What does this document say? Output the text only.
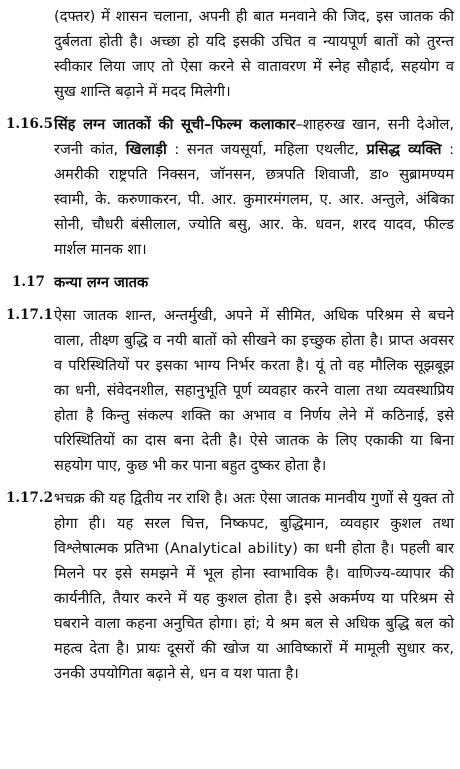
(दफ्तर) में शासन चलाना, अपनी ही बात मनवाने की जिद, इस जातक की दुर्बलता होती है। अच्छा हो यदि इसकी उचित व न्यायपूर्ण बातों को तुरन्त स्वीकार लिया जाए तो ऐसा करने से वातावरण में स्नेह सौहार्द, सहयोग व सुख शान्ति बढ़ाने में मदद मिलेगी।

1.16.5 सिंह लग्न जातकों की सूची–फिल्म कलाकार–शाहरुख खान, सनी देओल, रजनी कांत, खिलाड़ी : सनत जयसूर्या, महिला एथलीट, प्रसिद्ध व्यक्ति : अमरीकी राष्ट्रपति निक्सन, जॉनसन, छत्रपति शिवाजी, डा० सुब्रामण्यम स्वामी, के. करुणाकरन, पी. आर. कुमारमंगलम, ए. आर. अन्तुले, अंबिका सोनी, चौधरी बंसीलाल, ज्योति बसु, आर. के. धवन, शरद यादव, फील्ड मार्शल मानक शा।
1.17 कन्या लग्न जातक
1.17.1 ऐसा जातक शान्त, अन्तर्मुखी, अपने में सीमित, अधिक परिश्रम से बचने वाला, तीक्ष्ण बुद्धि व नयी बातों को सीखने का इच्छुक होता है। प्राप्त अवसर व परिस्थितियों पर इसका भाग्य निर्भर करता है। यूं तो वह मौलिक सूझबूझ का धनी, संवेदनशील, सहानुभूति पूर्ण व्यवहार करने वाला तथा व्यवस्थाप्रिय होता है किन्तु संकल्प शक्ति का अभाव व निर्णय लेने में कठिनाई, इसे परिस्थितियों का दास बना देती है। ऐसे जातक के लिए एकाकी या बिना सहयोग पाए, कुछ भी कर पाना बहुत दुष्कर होता है।
1.17.2 भचक्र की यह द्वितीय नर राशि है। अतः ऐसा जातक मानवीय गुणों से युक्त तो होगा ही। यह सरल चित्त, निष्कपट, बुद्धिमान, व्यवहार कुशल तथा विश्लेषात्मक प्रतिभा (Analytical ability) का धनी होता है। पहली बार मिलने पर इसे समझने में भूल होना स्वाभाविक है। वाणिज्य-व्यापार की कार्यनीति, तैयार करने में यह कुशल होता है। इसे अकर्मण्य या परिश्रम से घबराने वाला कहना अनुचित होगा। हां; ये श्रम बल से अधिक बुद्धि बल को महत्व देता है। प्रायः दूसरों की खोज या आविष्कारों में मामूली सुधार कर, उनकी उपयोगिता बढ़ाने से, धन व यश पाता है।
